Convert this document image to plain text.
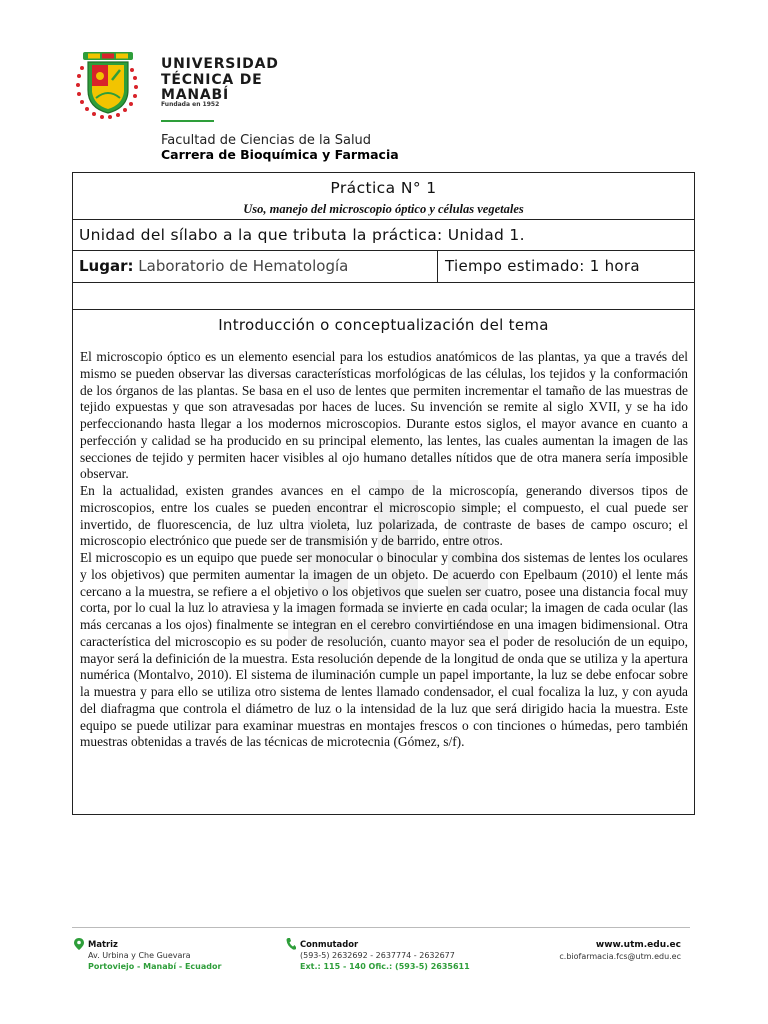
UNIVERSIDAD
TÉCNICA DE
MANABÍ
Fundada en 1952
Facultad de Ciencias de la Salud
Carrera de Bioquímica y Farmacia
Práctica N° 1
Uso, manejo del microscopio óptico y células vegetales
Unidad del sílabo a la que tributa la práctica: Unidad 1.
Lugar: Laboratorio de Hematología	Tiempo estimado: 1 hora
Introducción o conceptualización del tema

El microscopio óptico es un elemento esencial para los estudios anatómicos de las plantas, ya que a través del mismo se pueden observar las diversas características morfológicas de las células, los tejidos y la conformación de los órganos de las plantas. Se basa en el uso de lentes que permiten incrementar el tamaño de las muestras de tejido expuestas y que son atravesadas por haces de luces. Su invención se remite al siglo XVII, y se ha ido perfeccionando hasta llegar a los modernos microscopios. Durante estos siglos, el mayor avance en cuanto a perfección y calidad se ha producido en su principal elemento, las lentes, las cuales aumentan la imagen de las secciones de tejido y permiten hacer visibles al ojo humano detalles nítidos que de otra manera sería imposible observar.

En la actualidad, existen grandes avances en el campo de la microscopía, generando diversos tipos de microscopios, entre los cuales se pueden encontrar el microscopio simple; el compuesto, el cual puede ser invertido, de fluorescencia, de luz ultra violeta, luz polarizada, de contraste de bases de campo oscuro; el microscopio electrónico que puede ser de transmisión y de barrido, entre otros.

El microscopio es un equipo que puede ser monocular o binocular y combina dos sistemas de lentes los oculares y los objetivos) que permiten aumentar la imagen de un objeto. De acuerdo con Epelbaum (2010) el lente más cercano a la muestra, se refiere a el objetivo o los objetivos que suelen ser cuatro, posee una distancia focal muy corta, por lo cual la luz lo atraviesa y la imagen formada se invierte en cada ocular; la imagen de cada ocular (las más cercanas a los ojos) finalmente se integran en el cerebro convirtiéndose en una imagen bidimensional. Otra característica del microscopio es su poder de resolución, cuanto mayor sea el poder de resolución de un equipo, mayor será la definición de la muestra. Esta resolución depende de la longitud de onda que se utiliza y la apertura numérica (Montalvo, 2010). El sistema de iluminación cumple un papel importante, la luz se debe enfocar sobre la muestra y para ello se utiliza otro sistema de lentes llamado condensador, el cual focaliza la luz, y con ayuda del diafragma que controla el diámetro de luz o la intensidad de la luz que será dirigido hacia la muestra. Este equipo se puede utilizar para examinar muestras en montajes frescos o con tinciones o húmedas, pero también muestras obtenidas a través de las técnicas de microtecnia (Gómez, s/f).

Matriz
Av. Urbina y Che Guevara
Portoviejo - Manabí - Ecuador
Conmutador
(593-5) 2632692 - 2637774 - 2632677
Ext.: 115 - 140 Ofic.: (593-5) 2635611
www.utm.edu.ec
c.biofarmacia.fcs@utm.edu.ec
